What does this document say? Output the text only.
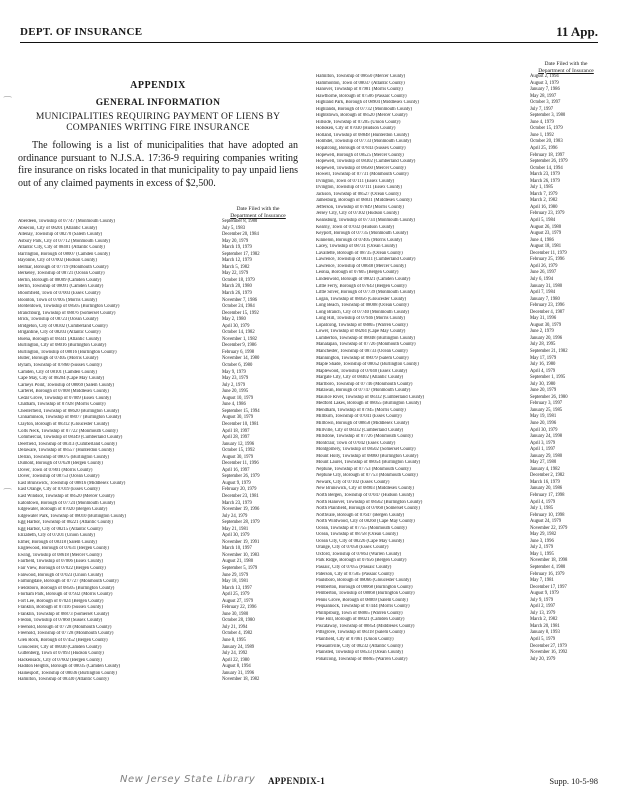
DEPT. OF INSURANCE	11 App.
⁀
⁀
APPENDIX
GENERAL INFORMATION
MUNICIPALITIES REQUIRING PAYMENT OF LIENS BY COMPANIES WRITING FIRE INSURANCE

The following is a list of municipalities that have adopted an ordinance pursuant to N.J.S.A. 17:36-9 requiring companies writing fire insurance on risks located in that municipality to pay unpaid liens out of any claimed payments in excess of $2,500.

Date Filed with the
Department of Insurance
Aberdeen, Township of 07747 (Monmouth County)	September 8, 1980
Absecon, City of 08201 (Atlantic County)	July 5, 1983
Allenay, Township of 08270 (Salem County)	December 20, 1984
Asbury Park, City of 07712 (Monmouth County)	May 20, 1979
Atlantic City, City of 08401 (Atlantic County)	March 19, 1979
Barrington, Borough of 08007 (Camden County)	September 17, 1982
Bayonne, City of 07002 (Hudson County)	March 12, 1979
Belmar, Borough of 07719 (Monmouth County)	March 5, 1982
Berkeley, Township of 08721 (Ocean County)	May 22, 1979
Berlin, Borough of 08009 (Camden County)	October 18, 1979
Berlin, Township of 08091 (Camden County)	March 20, 1980
Bloomfield, Town of 07003 (Essex County)	March 26, 1979
Boonton, Town of 07005 (Morris County)	November 7, 1986
Bordentown, Township of 08505 (Burlington County)	October 24, 1984
Branchburg, Township of 08876 (Somerset County)	December 15, 1992
Brick, Township of 08723 (Ocean County)	May 2, 1980
Bridgeton, City of 08302 (Cumberland County)	April 30, 1979
Brigantine, City of 08203 (Atlantic County)	October 14, 1982
Buena, Borough of 08341 (Atlantic County)	November 1, 1982
Burlington, City of 08016 (Burlington County)	December 9, 1986
Burlington, Township of 08016 (Burlington County)	February 6, 1998
Butler, Borough of 07405 (Morris County)	November 14, 1980
Byram, Township of 07860 (Sussex County)	October 6, 1980
Camden, City of 08101 (Camden County)	May 9, 1979
Cape May, City of 08204 (Cape May County)	May 23, 1979
Carneys Point, Township of 08069 (Salem County)	July 2, 1979
Carteret, Borough of 07008 (Middlesex County)	June 20, 1995
Cedar Grove, Township of 07009 (Essex County)	August 10, 1979
Chatham, Township of 07928 (Morris County)	June 4, 1986
Chesterfield, Township of 08620 (Burlington County)	September 15, 1994
Cinnaminson, Township of 08077 (Burlington County)	August 30, 1979
Clayton, Borough of 08312 (Gloucester County)	December 10, 1981
Colts Neck, Township of 07722 (Monmouth County)	April 18, 1997
Commercial, Township of 08349 (Cumberland County)	April 28, 1997
Deerfield, Township of 08313 (Cumberland County)	January 12, 1996
Delaware, Township of 08557 (Hunterdon County)	October 15, 1992
Delran, Township of 08075 (Burlington County)	August 30, 1979
Dumont, Borough of 07628 (Bergen County)	December 11, 1996
Dover, Town of 07801 (Morris County)	April 16, 1997
Dover, Township of 08753 (Ocean County)	September 26, 1979
East Brunswick, Township of 08816 (Middlesex County)	August 9, 1979
East Orange, City of 07019 (Essex County)	February 20, 1979
East Windsor, Township of 08520 (Mercer County)	December 23, 1981
Eatontown, Borough of 07724 (Monmouth County)	March 23, 1979
Edgewater, Borough of 07020 (Bergen County)	November 19, 1996
Edgewater Park, Township of 08010 (Burlington County)	July 24, 1979
Egg Harbor, Township of 08221 (Atlantic County)	September 28, 1979
Egg Harbor, City of 08215 (Atlantic County)	May 21, 1981
Elizabeth, City of 07201 (Union County)	April 30, 1979
Elmer, Borough of 08318 (Salem County)	November 19, 1991
Englewood, Borough of 07631 (Bergen County)	March 10, 1997
Ewing, Township of 08618 (Mercer County)	November 10, 1983
Fairfield, Township of 07006 (Essex County)	August 21, 1980
Fair View, Borough of 07022 (Bergen County)	September 5, 1979
Fanwood, Borough of 07023 (Union County)	June 29, 1979
Farmingdale, Borough of 07727 (Monmouth County)	May 18, 1981
Fieldsboro, Borough of 08505 (Burlington County)	March 13, 1997
Florham Park, Borough of 07932 (Morris County)	April 25, 1979
Fort Lee, Borough of 07024 (Bergen County)	August 27, 1979
Franklin, Borough of 07416 (Sussex County)	February 22, 1996
Franklin, Township of 08873 (Somerset County)	June 30, 1980
Fredon, Township of 07860 (Sussex County)	October 28, 1980
Freehold, Borough of 07728 (Monmouth County)	July 21, 1994
Freehold, Township of 07728 (Monmouth County)	October 4, 1982
Glen Rock, Borough of 07452 (Bergen County)	June 8, 1995
Gloucester, City of 08030 (Camden County)	January 24, 1989
Guttenberg, Town of 07093 (Hudson County)	July 24, 1992
Hackensack, City of 07602 (Bergen County)	April 22, 1980
Haddon Heights, Borough of 08035 (Camden County)	August 8, 1994
Hainesport, Township of 08036 (Burlington County)	January 31, 1996
Hamilton, Township of 08330 (Atlantic County)	November 18, 1982
Date Filed with the
Department of Insurance
Hamilton, Township of 08650 (Mercer County)	August 2, 1994
Hammonton, Town of 08037 (Atlantic County)	August 3, 1979
Hanover, Township of 07981 (Morris County)	January 7, 1986
Hawthorne, Borough of 07506 (Passaic County)	May 28, 1997
Highland Park, Borough of 08904 (Middlesex County)	October 3, 1997
Highlands, Borough of 07732 (Monmouth County)	July 7, 1997
Hightstown, Borough of 08520 (Mercer County)	September 3, 1980
Hillside, Township of 07205 (Union County)	June 4, 1979
Hoboken, City of 07030 (Hudson County)	October 15, 1979
Holland, Township of 08848 (Hunterdon County)	June 1, 1992
Holmdel, Township of 07733 (Monmouth County)	October 20, 1983
Hopatcong, Borough of 07843 (Sussex County)	April 25, 1996
Hopewell, Borough of 08525 (Mercer County)	February 18, 1997
Hopewell, Township of 08302 (Cumberland County)	September 26, 1979
Hopewell, Township of 08560 (Mercer County)	October 14, 1994
Howell, Township of 07731 (Monmouth County)	March 23, 1979
Irvington, Town of 07111 (Essex County)	March 26, 1979
Irvington, Township of 07111 (Essex County)	July 1, 1985
Jackson, Township of 08527 (Ocean County)	March 7, 1979
Jamesburg, Borough of 08831 (Middlesex County)	March 2, 1982
Jefferson, Township of 07849 (Morris County)	April 16, 1980
Jersey City, City of 07302 (Hudson County)	February 23, 1979
Keansburg, Township of 07734 (Monmouth County)	April 5, 1984
Kearny, Town of 07032 (Hudson County)	August 26, 1980
Keyport, Borough of 07735 (Monmouth County)	August 23, 1979
Kinnelon, Borough of 07405 (Morris County)	June 4, 1986
Lacey, Township of 08731 (Ocean County)	August 18, 1981
Lavallette, Borough of 08735 (Ocean County)	December 11, 1979
Lawrence, Township of 08311 (Cumberland County)	February 25, 1996
Lawrence, Township of 08648 (Mercer County)	April 26, 1979
Leonia, Borough of 07605 (Bergen County)	June 26, 1997
Lindenwold, Borough of 08021 (Camden County)	July 6, 1994
Little Ferry, Borough of 07643 (Bergen County)	January 31, 1980
Little Silver, Borough of 07739 (Monmouth County)	April 7, 1984
Logan, Township of 08056 (Gloucester County)	January 7, 1980
Long Beach, Township of 08008 (Ocean County)	February 23, 1996
Long Branch, City of 07740 (Monmouth County)	December 4, 1987
Long Hill, Township of 07946 (Morris County)	May 31, 1996
Lopatcong, Township of 08865 (Warren County)	August 30, 1979
Lower, Township of 08204 (Cape May County)	June 2, 1979
Lumberton, Township of 08048 (Burlington County)	January 20, 1996
Manalapan, Township of 07726 (Monmouth County)	July 28, 1995
Manchester, Township of 08733 (Ocean County)	September 21, 1982
Mannington, Township of 08079 (Salem County)	May 17, 1979
Maple Shade, Township of 08052 (Burlington County)	July 16, 1980
Maplewood, Township of 07040 (Essex County)	April 4, 1979
Margate City, City of 08402 (Atlantic County)	September 1, 1995
Marlboro, Township of 07746 (Monmouth County)	July 30, 1980
Matawan, Borough of 07747 (Monmouth County)	June 20, 1979
Maurice River, Township of 08332 (Cumberland County)	September 26, 1980
Medford Lakes, Borough of 08055 (Burlington County)	February 3, 1997
Mendham, Township of 07945 (Morris County)	January 25, 1985
Millburn, Township of 07041 (Essex County)	May 19, 1981
Milltown, Borough of 08850 (Middlesex County)	June 20, 1996
Millville, City of 08332 (Cumberland County)	April 30, 1979
Millstone, Township of 07726 (Monmouth County)	January 24, 1998
Montclair, Town of 07042 (Essex County)	April 3, 1979
Montgomery, Township of 08502 (Somerset County)	April 1, 1997
Mount Holly, Township of 08060 (Burlington County)	January 29, 1980
Mount Laurel, Township of 08054 (Burlington County)	May 27, 1980
Neptune, Township of 07753 (Monmouth County)	January 4, 1982
Neptune City, Borough of 07753 (Monmouth County)	December 2, 1982
Newark, City of 07102 (Essex County)	March 16, 1979
New Brunswick, City of 08903 (Middlesex County)	January 20, 1986
North Bergen, Township of 07047 (Hudson County)	February 17, 1998
North Hanover, Township of 08562 (Burlington County)	April 4, 1979
North Plainfield, Borough of 07060 (Somerset County)	July 1, 1985
Northvale, Borough of 07647 (Bergen County)	February 10, 1998
North Wildwood, City of 08260 (Cape May County)	August 24, 1979
Ocean, Township of 07755 (Monmouth County)	November 22, 1979
Ocean, Township of 08758 (Ocean County)	May 29, 1982
Ocean City, City of 08226 (Cape May County)	June 3, 1996
Orange, City of 07050 (Essex County)	July 2, 1979
Oxford, Township of 07863 (Warren County)	May 1, 1995
Park Ridge, Borough of 07656 (Bergen County)	November 18, 1998
Passaic, City of 07055 (Passaic County)	September 4, 1980
Paterson, City of 07505 (Passaic County)	February 16, 1979
Paulsboro, Borough of 08066 (Gloucester County)	May 7, 1981
Pemberton, Borough of 08068 (Burlington County)	December 17, 1997
Pemberton, Township of 08068 (Burlington County)	August 9, 1979
Penns Grove, Borough of 08069 (Salem County)	July 9, 1979
Pequannock, Township of 07444 (Morris County)	April 2, 1997
Phillipsburg, Town of 08865 (Warren County)	July 13, 1979
Pine Hill, Borough of 08021 (Camden County)	March 2, 1982
Piscataway, Township of 08854 (Middlesex County)	March 20, 1981
Pittsgrove, Township of 08318 (Salem County)	January 8, 1993
Plainfield, City of 07061 (Union County)	April 5, 1979
Pleasantville, City of 08232 (Atlantic County)	December 27, 1979
Plainsted, Township of 08533 (Ocean County)	November 16, 1992
Pohatcong, Township of 08865 (Warren County)	July 20, 1979
New Jersey State Library APPENDIX-1	Supp. 10-5-98
